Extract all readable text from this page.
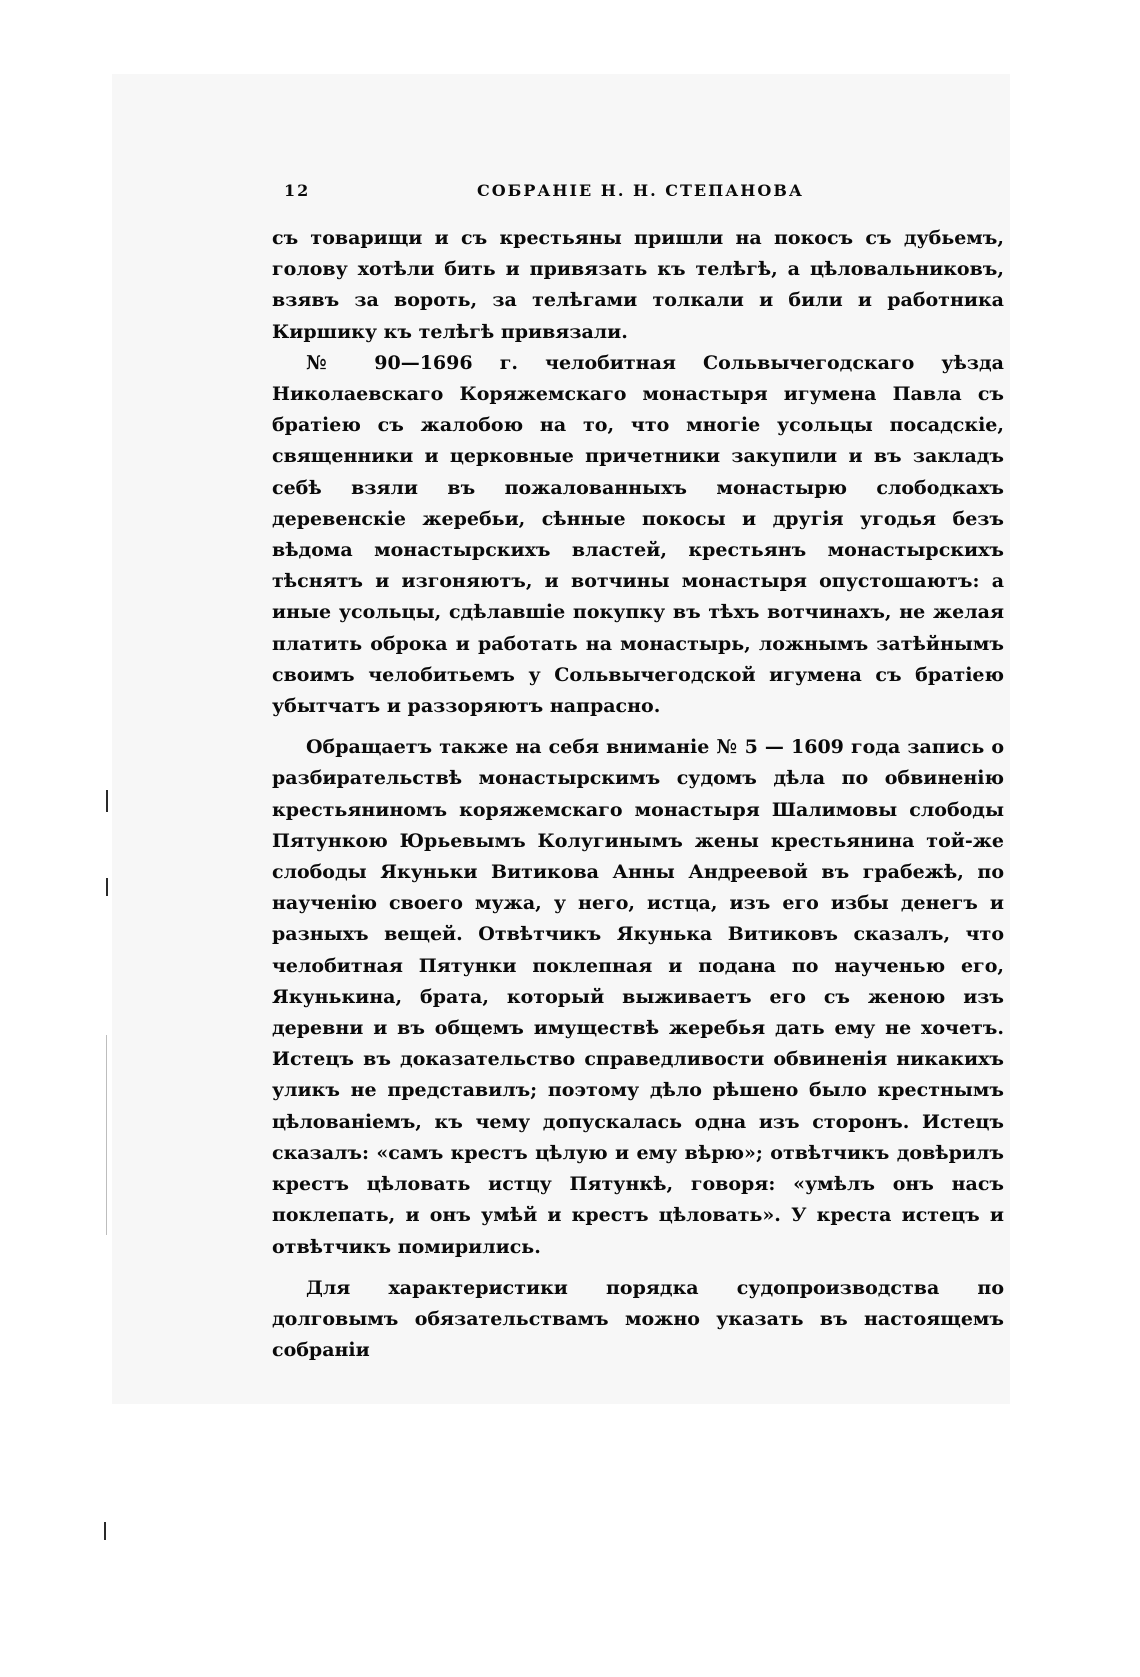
12	СОБРАНІЕ Н. Н. СТЕПАНОВА

съ товарищи и съ крестьяны пришли на покосъ съ дубьемъ, голову хотѣли бить и привязать къ телѣгѣ, а цѣловальниковъ, взявъ за вороть, за телѣгами толкали и били и работника Киршику къ телѣгѣ привязали.

№ 90—1696 г. челобитная Сольвычегодскаго уѣзда Николаевскаго Коряжемскаго монастыря игумена Павла съ братіею съ жалобою на то, что многіе усольцы посадскіе, священники и церковные причетники закупили и въ закладъ себѣ взяли въ пожалованныхъ монастырю слободкахъ деревенскіе жеребьи, сѣнные покосы и другія угодья безъ вѣдома монастырскихъ властей, крестьянъ монастырскихъ тѣснятъ и изгоняютъ, и вотчины монастыря опустошаютъ: а иные усольцы, сдѣлавшіе покупку въ тѣхъ вотчинахъ, не желая платить оброка и работать на монастырь, ложнымъ затѣйнымъ своимъ челобитьемъ у Сольвычегодской игумена съ братіею убытчатъ и раззоряютъ напрасно.

Обращаетъ также на себя вниманіе № 5 — 1609 года запись о разбирательствѣ монастырскимъ судомъ дѣла по обвиненію крестьяниномъ коряжемскаго монастыря Шалимовы слободы Пятункою Юрьевымъ Колугинымъ жены крестьянина той-же слободы Якуньки Витикова Анны Андреевой въ грабежѣ, по наученію своего мужа, у него, истца, изъ его избы денегъ и разныхъ вещей. Отвѣтчикъ Якунька Витиковъ сказалъ, что челобитная Пятунки поклепная и подана по наученью его, Якунькина, брата, который выживаетъ его съ женою изъ деревни и въ общемъ имуществѣ жеребья дать ему не хочетъ. Истецъ въ доказательство справедливости обвиненія никакихъ уликъ не представилъ; поэтому дѣло рѣшено было крестнымъ цѣлованіемъ, къ чему допускалась одна изъ сторонъ. Истецъ сказалъ: «самъ крестъ цѣлую и ему вѣрю»; отвѣтчикъ довѣрилъ крестъ цѣловать истцу Пятункѣ, говоря: «умѣлъ онъ насъ поклепать, и онъ умѣй и крестъ цѣловать». У креста истецъ и отвѣтчикъ помирились.

Для характеристики порядка судопроизводства по долговымъ обязательствамъ можно указать въ настоящемъ собраніи
